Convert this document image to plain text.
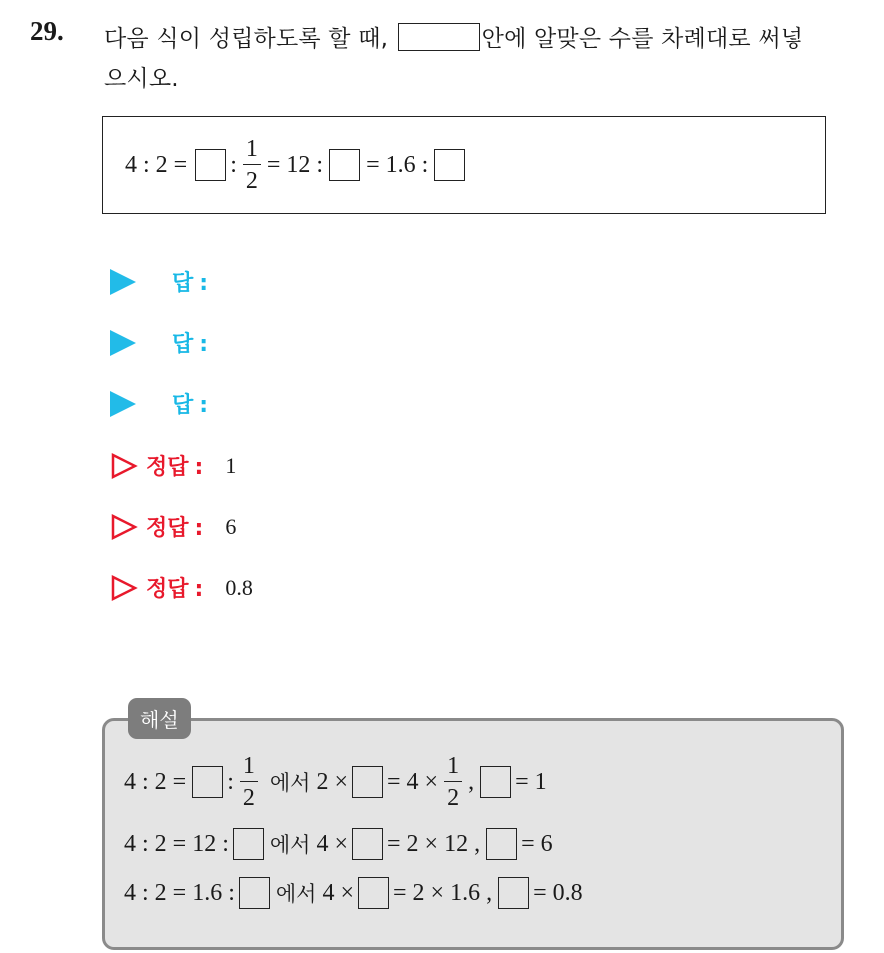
29. 다음 식이 성립하도록 할 때,	안에 알맞은 수를 차례대로 써넣
으시오.
4 : 2 = : $\frac{1}{2} = 12$ : = 1.6 :
답 :
답 :
답 :
정답 : 1
정답 : 6
정답 : 0.8
해설
4 : 2 = : $\frac{1}{2}$ 에서 2 × = $4 \times \frac{1}{2}$ , = 1
4 : 2 = 12 : 에서 4 × = 2 × 12 , = 6
4 : 2 = 1.6 : 에서 4 × = 2 × 1.6 , = 0.8
